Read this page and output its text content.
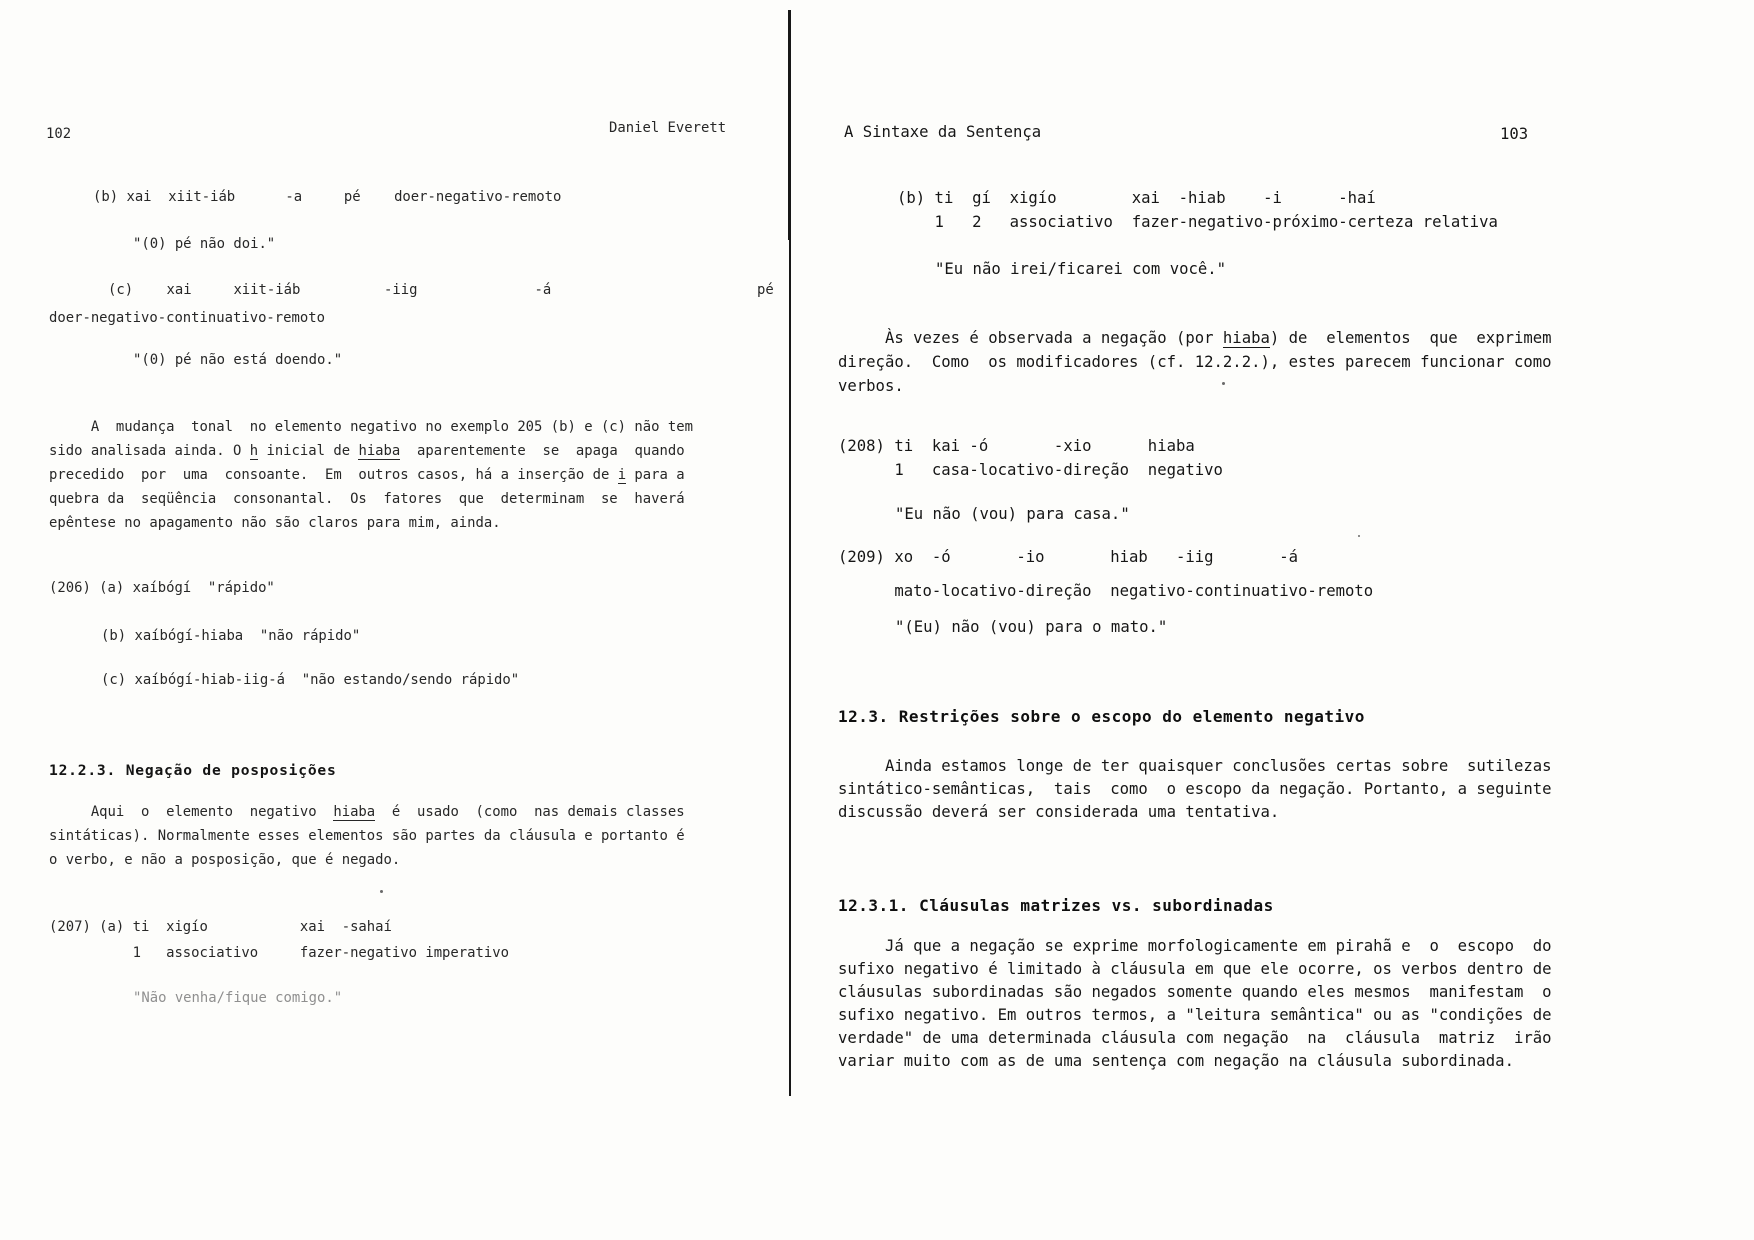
102	Daniel Everett
(b) xai  xiit-iáb      -a     pé    doer-negativo-remoto
"(0) pé não doi."
(c)    xai     xiit-iáb          -iig              -á	pé
doer-negativo-continuativo-remoto
"(0) pé não está doendo."
A  mudança  tonal  no elemento negativo no exemplo 205 (b) e (c) não tem
sido analisada ainda. O h inicial de hiaba  aparentemente  se  apaga  quando
precedido  por  uma  consoante.  Em  outros casos, há a inserção de i para a
quebra da  seqüência  consonantal.  Os  fatores  que  determinam  se  haverá
epêntese no apagamento não são claros para mim, ainda.
(206) (a) xaíbógí  "rápido"
(b) xaíbógí-hiaba  "não rápido"
(c) xaíbógí-hiab-iig-á  "não estando/sendo rápido"
12.2.3. Negação de posposições
Aqui  o  elemento  negativo  hiaba  é  usado  (como  nas demais classes
sintáticas). Normalmente esses elementos são partes da cláusula e portanto é
o verbo, e não a posposição, que é negado.
(207) (a) ti  xigío           xai  -sahaí
1   associativo     fazer-negativo imperativo
"Não venha/fique comigo."
A Sintaxe da Sentença	103
(b) ti  gí  xigío        xai  -hiab    -i      -haí
1   2   associativo  fazer-negativo-próximo-certeza relativa
"Eu não irei/ficarei com você."
Às vezes é observada a negação (por hiaba) de  elementos  que  exprimem
direção.  Como  os modificadores (cf. 12.2.2.), estes parecem funcionar como
verbos.
(208) ti  kai -ó       -xio      hiaba
1   casa-locativo-direção  negativo
"Eu não (vou) para casa."
(209) xo  -ó       -io       hiab   -iig       -á
mato-locativo-direção  negativo-continuativo-remoto
"(Eu) não (vou) para o mato."
12.3. Restrições sobre o escopo do elemento negativo
Ainda estamos longe de ter quaisquer conclusões certas sobre  sutilezas
sintático-semânticas,  tais  como  o escopo da negação. Portanto, a seguinte
discussão deverá ser considerada uma tentativa.
12.3.1. Cláusulas matrizes vs. subordinadas
Já que a negação se exprime morfologicamente em pirahã e  o  escopo  do
sufixo negativo é limitado à cláusula em que ele ocorre, os verbos dentro de
cláusulas subordinadas são negados somente quando eles mesmos  manifestam  o
sufixo negativo. Em outros termos, a "leitura semântica" ou as "condições de
verdade" de uma determinada cláusula com negação  na  cláusula  matriz  irão
variar muito com as de uma sentença com negação na cláusula subordinada.
